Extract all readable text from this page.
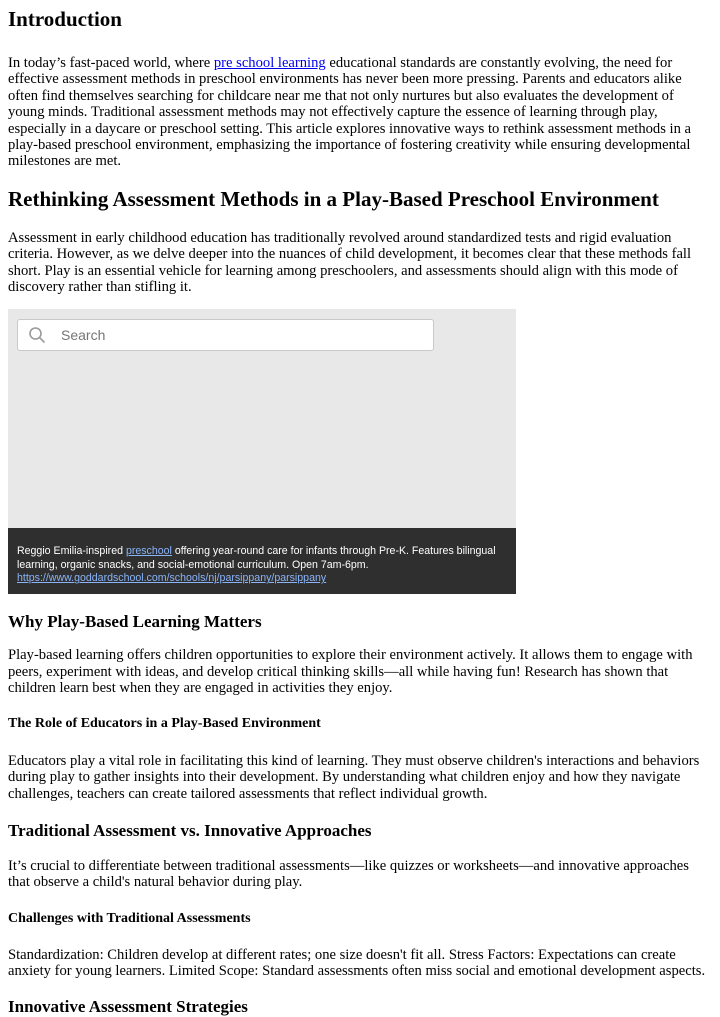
Introduction

In today’s fast-paced world, where pre school learning educational standards are constantly evolving, the need for effective assessment methods in preschool environments has never been more pressing. Parents and educators alike often find themselves searching for childcare near me that not only nurtures but also evaluates the development of young minds. Traditional assessment methods may not effectively capture the essence of learning through play, especially in a daycare or preschool setting. This article explores innovative ways to rethink assessment methods in a play-based preschool environment, emphasizing the importance of fostering creativity while ensuring developmental milestones are met.

Rethinking Assessment Methods in a Play-Based Preschool Environment

Assessment in early childhood education has traditionally revolved around standardized tests and rigid evaluation criteria. However, as we delve deeper into the nuances of child development, it becomes clear that these methods fall short. Play is an essential vehicle for learning among preschoolers, and assessments should align with this mode of discovery rather than stifling it.

Search
Reggio Emilia-inspired preschool offering year-round care for infants through Pre-K. Features bilingual learning, organic snacks, and social-emotional curriculum. Open 7am-6pm.
https://www.goddardschool.com/schools/nj/parsippany/parsippany
Why Play-Based Learning Matters

Play-based learning offers children opportunities to explore their environment actively. It allows them to engage with peers, experiment with ideas, and develop critical thinking skills—all while having fun! Research has shown that children learn best when they are engaged in activities they enjoy.

The Role of Educators in a Play-Based Environment

Educators play a vital role in facilitating this kind of learning. They must observe children's interactions and behaviors during play to gather insights into their development. By understanding what children enjoy and how they navigate challenges, teachers can create tailored assessments that reflect individual growth.

Traditional Assessment vs. Innovative Approaches

It’s crucial to differentiate between traditional assessments—like quizzes or worksheets—and innovative approaches that observe a child's natural behavior during play.

Challenges with Traditional Assessments

Standardization: Children develop at different rates; one size doesn't fit all. Stress Factors: Expectations can create anxiety for young learners. Limited Scope: Standard assessments often miss social and emotional development aspects.

Innovative Assessment Strategies
